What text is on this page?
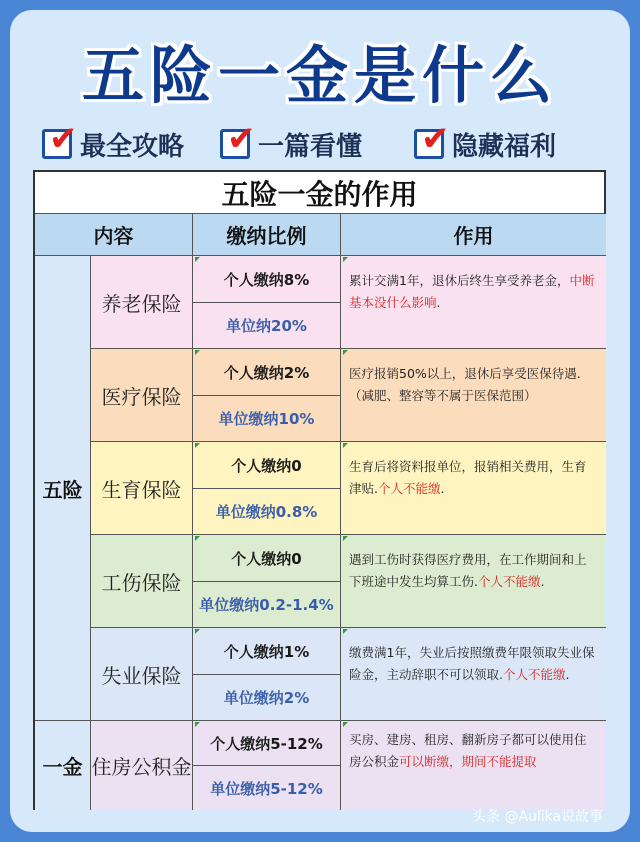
五险一金是什么
✔ 最全攻略 ✔ 一篇看懂 ✔ 隐藏福利
五险一金的作用
内容	缴纳比例	作用
五险
一金
养老保险
个人缴纳8%
单位纳20%
累计交满1年，退休后终生享受养老金，中断基本没什么影响.
医疗保险
个人缴纳2%
单位缴纳10%
医疗报销50%以上，退休后享受医保待遇.（减肥、整容等不属于医保范围）
生育保险
个人缴纳0
单位缴纳0.8%
生育后将资料报单位，报销相关费用，生育津贴.个人不能缴.
工伤保险
个人缴纳0
单位缴纳0.2-1.4%
遇到工伤时获得医疗费用，在工作期间和上下班途中发生均算工伤.个人不能缴.
失业保险
个人缴纳1%
单位缴纳2%
缴费满1年，失业后按照缴费年限领取失业保险金，主动辞职不可以领取.个人不能缴.
住房公积金
个人缴纳5-12%
单位缴纳5-12%
买房、建房、租房、翻新房子都可以使用住房公积金可以断缴，期间不能提取
头条 @Aulika说故事
